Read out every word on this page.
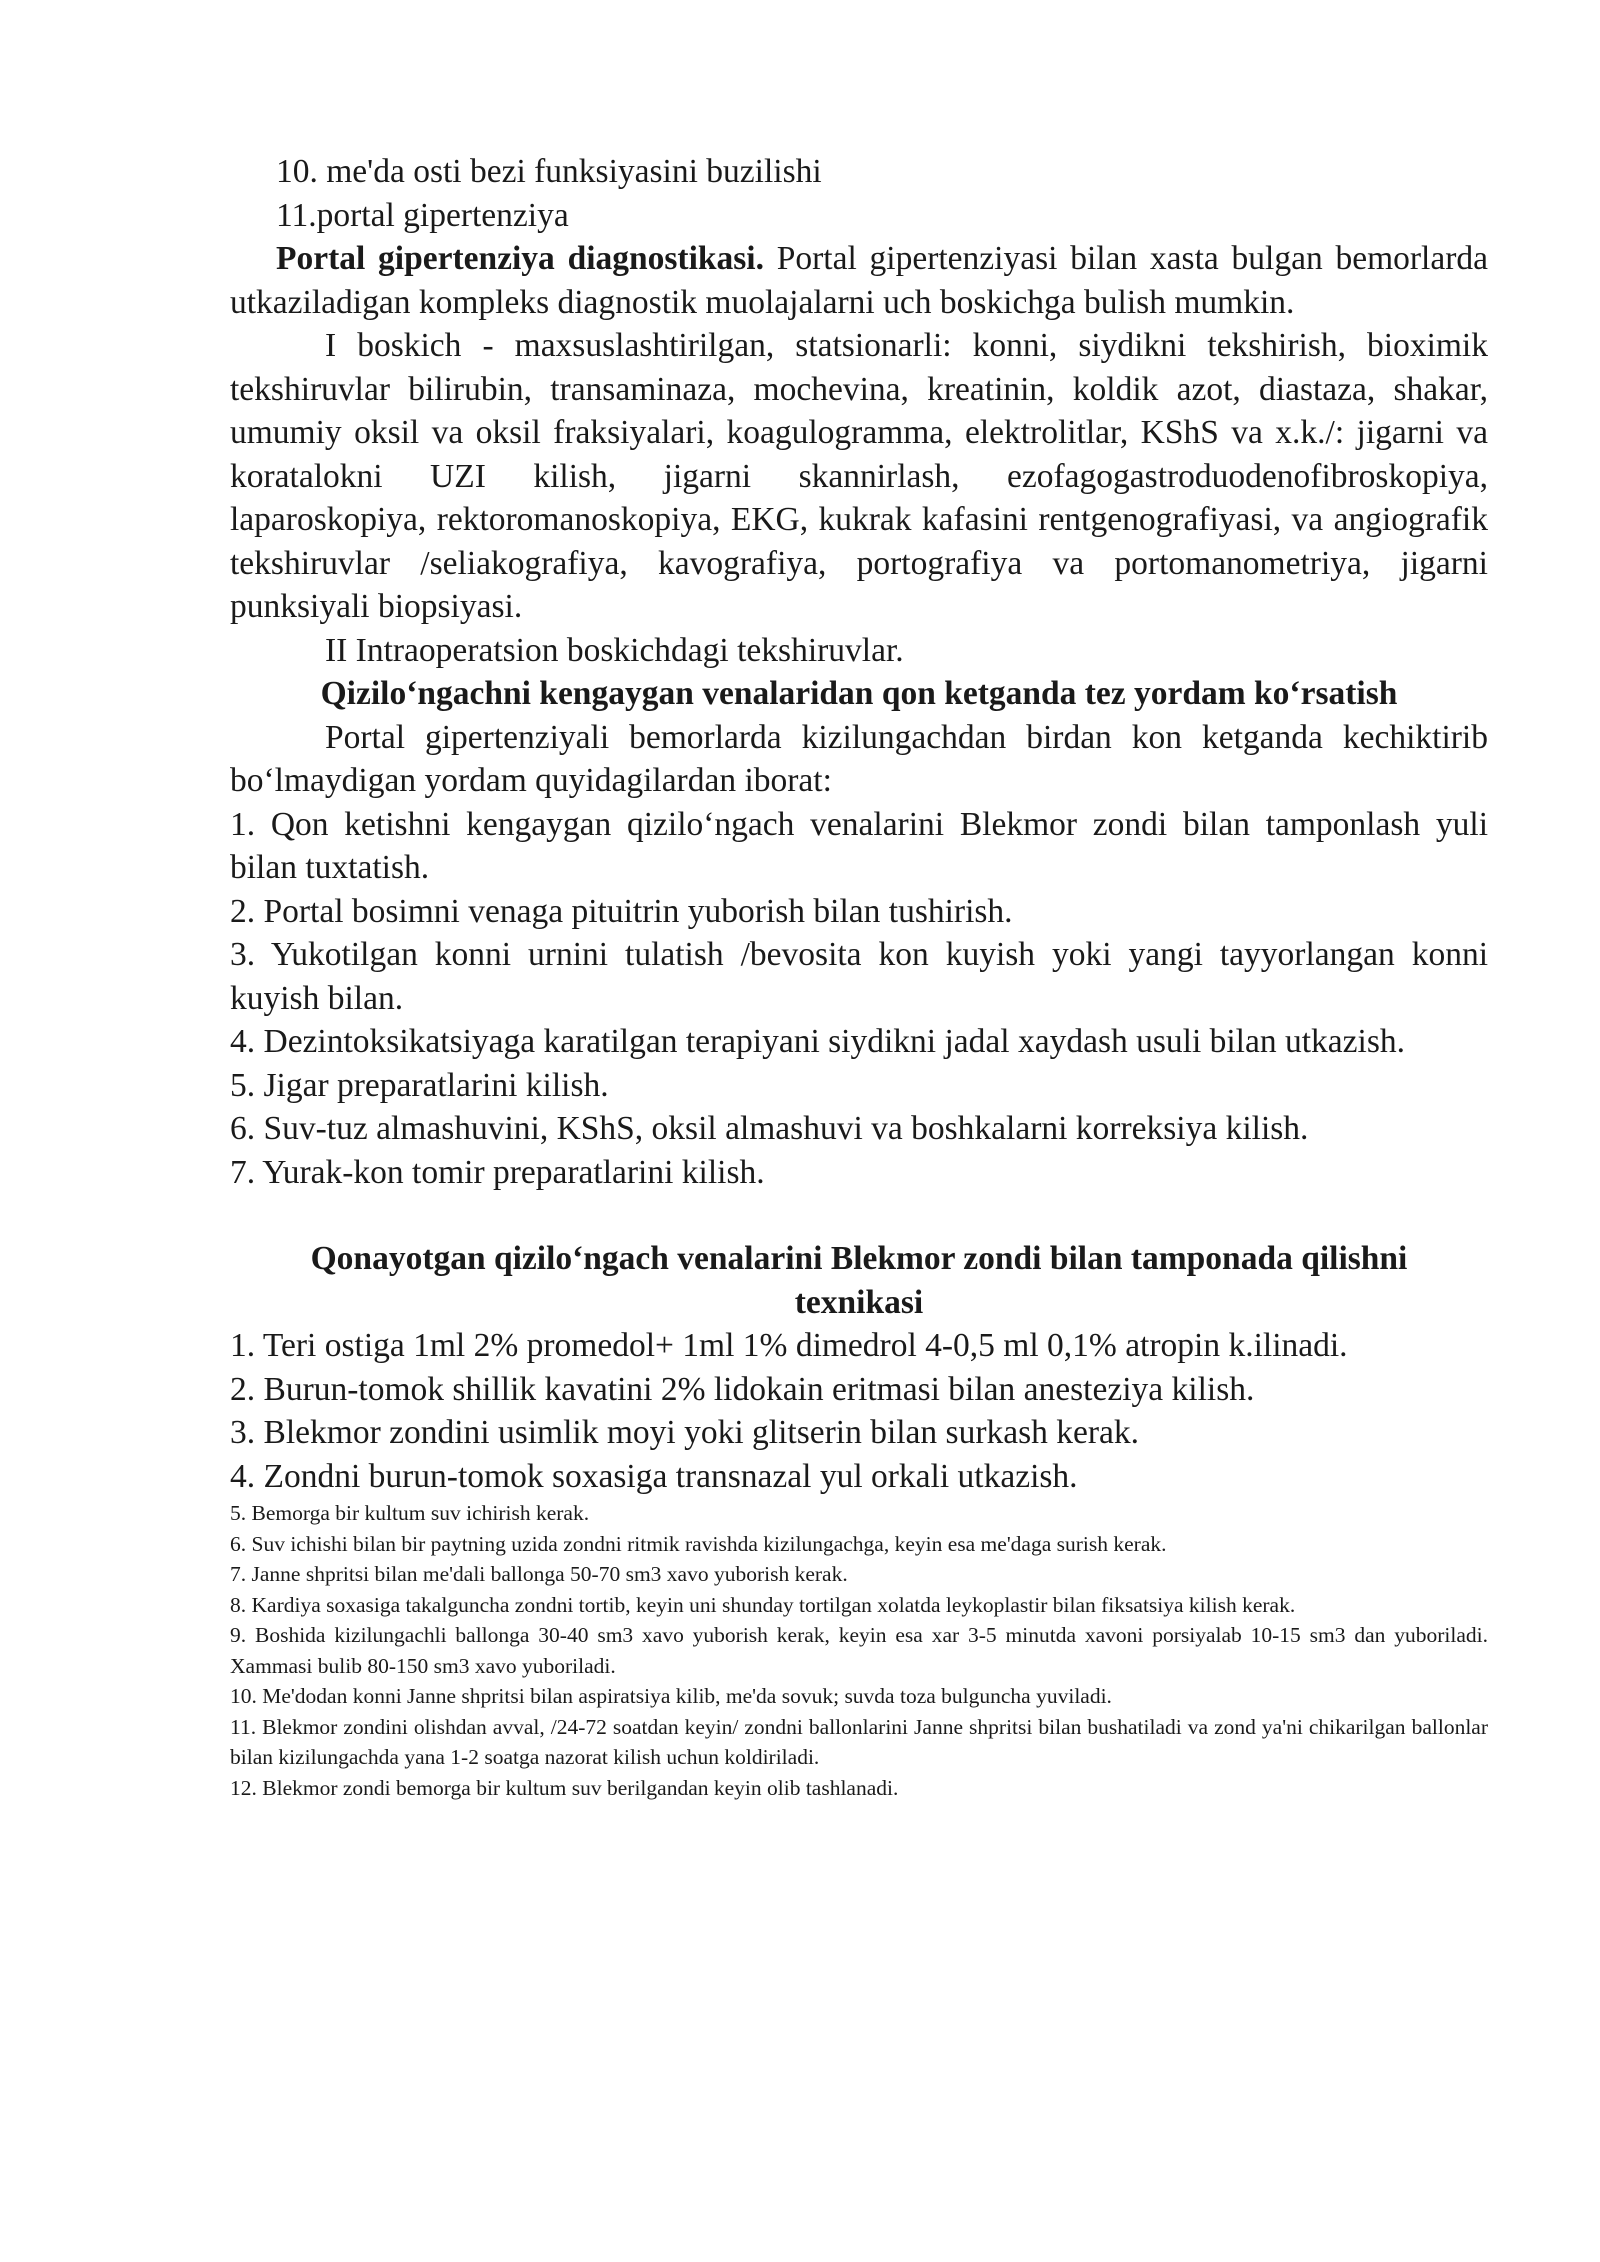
10. me'da osti bezi funksiyasini buzilishi

11.portal gipertenziya

Portal gipertenziya diagnostikasi. Portal gipertenziyasi bilan xasta bulgan bemorlarda utkaziladigan kompleks diagnostik muolajalarni uch boskichga bulish mumkin.

I boskich - maxsuslashtirilgan, statsionarli: konni, siydikni tekshirish, bioximik tekshiruvlar bilirubin, transaminaza, mochevina, kreatinin, koldik azot, diastaza, shakar, umumiy oksil va oksil fraksiyalari, koagulogramma, elektrolitlar, KShS va x.k./: jigarni va koratalokni UZI kilish, jigarni skannirlash, ezofagogastroduodenofibroskopiya, laparoskopiya, rektoromanoskopiya, EKG, kukrak kafasini rentgenografiyasi, va angiografik tekshiruvlar /seliakografiya, kavografiya, portografiya va portomanometriya, jigarni punksiyali biopsiyasi.

II Intraoperatsion boskichdagi tekshiruvlar.

Qizilo‘ngachni kengaygan venalaridan qon ketganda tez yordam ko‘rsatish

Portal gipertenziyali bemorlarda kizilungachdan birdan kon ketganda kechiktirib bo‘lmaydigan yordam quyidagilardan iborat:

1. Qon ketishni kengaygan qizilo‘ngach venalarini Blekmor zondi bilan tamponlash yuli bilan tuxtatish.

2. Portal bosimni venaga pituitrin yuborish bilan tushirish.

3. Yukotilgan konni urnini tulatish /bevosita kon kuyish yoki yangi tayyorlangan konni kuyish bilan.

4. Dezintoksikatsiyaga karatilgan terapiyani siydikni jadal xaydash usuli bilan utkazish.

5. Jigar preparatlarini kilish.

6. Suv-tuz almashuvini, KShS, oksil almashuvi va boshkalarni korreksiya kilish.

7. Yurak-kon tomir preparatlarini kilish.

Qonayotgan qizilo‘ngach venalarini Blekmor zondi bilan tamponada qilishni
texnikasi

1. Teri ostiga 1ml 2% promedol+ 1ml 1% dimedrol 4-0,5 ml 0,1% atropin k.ilinadi.

2. Burun-tomok shillik kavatini 2% lidokain eritmasi bilan anesteziya kilish.

3. Blekmor zondini usimlik moyi yoki glitserin bilan surkash kerak.

4. Zondni burun-tomok soxasiga transnazal yul orkali utkazish.

5. Bemorga bir kultum suv ichirish kerak.

6. Suv ichishi bilan bir paytning uzida zondni ritmik ravishda kizilungachga, keyin esa me'daga surish kerak.

7. Janne shpritsi bilan me'dali ballonga 50-70 sm3 xavo yuborish kerak.

8. Kardiya soxasiga takalguncha zondni tortib, keyin uni shunday tortilgan xolatda leykoplastir bilan fiksatsiya kilish kerak.

9. Boshida kizilungachli ballonga 30-40 sm3 xavo yuborish kerak, keyin esa xar 3-5 minutda xavoni porsiyalab 10-15 sm3 dan yuboriladi. Xammasi bulib 80-150 sm3 xavo yuboriladi.

10. Me'dodan konni Janne shpritsi bilan aspiratsiya kilib, me'da sovuk; suvda toza bulguncha yuviladi.

11. Blekmor zondini olishdan avval, /24-72 soatdan keyin/ zondni ballonlarini Janne shpritsi bilan bushatiladi va zond ya'ni chikarilgan ballonlar bilan kizilungachda yana 1-2 soatga nazorat kilish uchun koldiriladi.

12. Blekmor zondi bemorga bir kultum suv berilgandan keyin olib tashlanadi.
